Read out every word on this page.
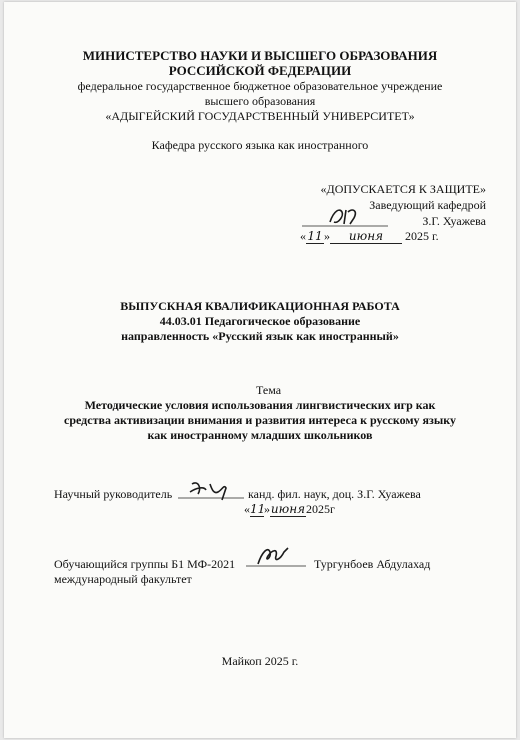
МИНИСТЕРСТВО НАУКИ И ВЫСШЕГО ОБРАЗОВАНИЯ
РОССИЙСКОЙ ФЕДЕРАЦИИ
федеральное государственное бюджетное образовательное учреждение
высшего образования
«АДЫГЕЙСКИЙ ГОСУДАРСТВЕННЫЙ УНИВЕРСИТЕТ»
Кафедра русского языка как иностранного
«ДОПУСКАЕТСЯ К ЗАЩИТЕ»
Заведующий кафедрой
З.Г. Хуажева
«11» июня 2025 г.
ВЫПУСКНАЯ КВАЛИФИКАЦИОННАЯ РАБОТА
44.03.01 Педагогическое образование
направленность «Русский язык как иностранный»
Тема
Методические условия использования лингвистических игр как
средства активизации внимания и развития интереса к русскому языку
как иностранному младших школьников
Научный руководитель	канд. фил. наук, доц. З.Г. Хуажева
«11»июня2025г
Обучающийся группы Б1 МФ-2021	Тургунбоев Абдулахад
международный факультет
Майкоп 2025 г.
